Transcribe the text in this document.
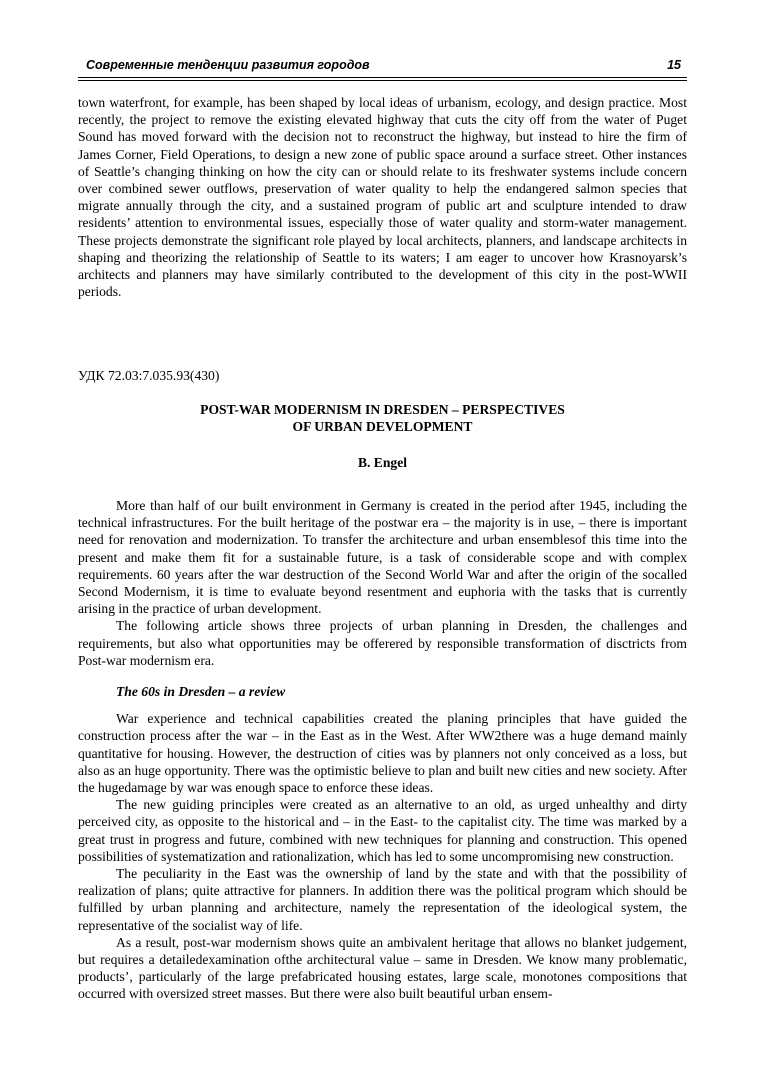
Современные тенденции развития городов	15

town waterfront, for example, has been shaped by local ideas of urbanism, ecology, and design practice. Most recently, the project to remove the existing elevated highway that cuts the city off from the water of Puget Sound has moved forward with the decision not to reconstruct the highway, but instead to hire the firm of James Corner, Field Operations, to design a new zone of public space around a surface street. Other instances of Seattle’s changing thinking on how the city can or should relate to its freshwater systems include concern over combined sewer outflows, preservation of water quality to help the endangered salmon species that migrate annually through the city, and a sustained program of public art and sculpture intended to draw residents’ attention to environmental issues, especially those of water quality and storm-water management. These projects demonstrate the significant role played by local architects, planners, and landscape architects in shaping and theorizing the relationship of Seattle to its waters; I am eager to uncover how Krasnoyarsk’s architects and planners may have similarly contributed to the development of this city in the post-WWII periods.

УДК 72.03:7.035.93(430)
POST-WAR MODERNISM IN DRESDEN – PERSPECTIVES
OF URBAN DEVELOPMENT
B. Engel

More than half of our built environment in Germany is created in the period after 1945, including the technical infrastructures. For the built heritage of the postwar era – the majority is in use, – there is important need for renovation and modernization. To transfer the architecture and urban ensemblesof this time into the present and make them fit for a sustainable future, is a task of considerable scope and with complex requirements. 60 years after the war destruction of the Second World War and after the origin of the socalled Second Modernism, it is time to evaluate beyond resentment and euphoria with the tasks that is currently arising in the practice of urban development.

The following article shows three projects of urban planning in Dresden, the challenges and requirements, but also what opportunities may be offerered by responsible transformation of disctricts from Post-war modernism era.

The 60s in Dresden – a review

War experience and technical capabilities created the planing principles that have guided the construction process after the war – in the East as in the West. After WW2there was a huge demand mainly quantitative for housing. However, the destruction of cities was by planners not only conceived as a loss, but also as an huge opportunity. There was the optimistic believe to plan and built new cities and new society. After the hugedamage by war was enough space to enforce these ideas.

The new guiding principles were created as an alternative to an old, as urged unhealthy and dirty perceived city, as opposite to the historical and – in the East- to the capitalist city. The time was marked by a great trust in progress and future, combined with new techniques for planning and construction. This opened possibilities of systematization and rationalization, which has led to some uncompromising new construction.

The peculiarity in the East was the ownership of land by the state and with that the possibility of realization of plans; quite attractive for planners. In addition there was the political program which should be fulfilled by urban planning and architecture, namely the representation of the ideological system, the representative of the socialist way of life.

As a result, post-war modernism shows quite an ambivalent heritage that allows no blanket judgement, but requires a detailedexamination ofthe architectural value – same in Dresden. We know many problematic, products’, particularly of the large prefabricated housing estates, large scale, monotones compositions that occurred with oversized street masses. But there were also built beautiful urban ensem-
